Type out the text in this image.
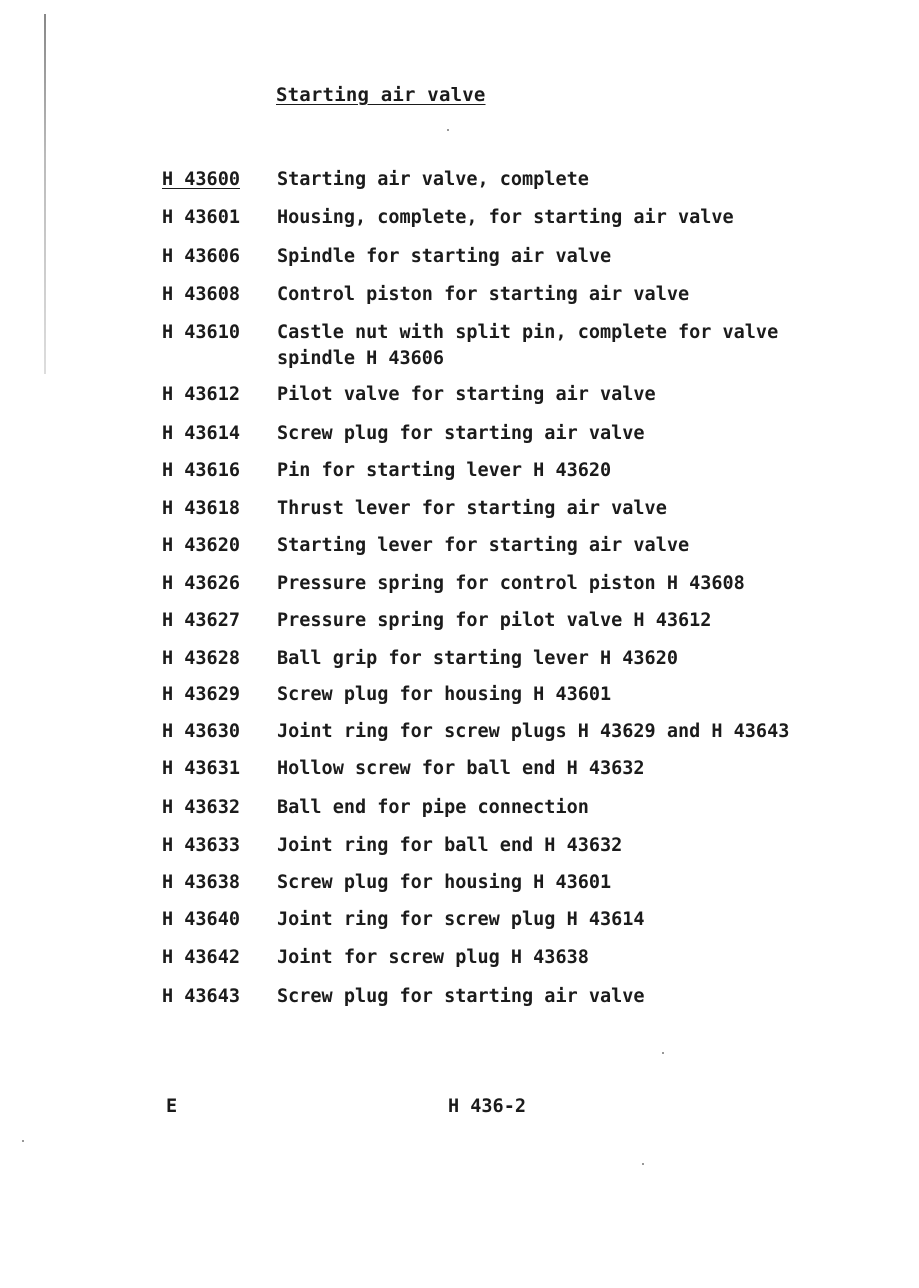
Starting air valve
H 43600	Starting air valve, complete
H 43601	Housing, complete, for starting air valve
H 43606	Spindle for starting air valve
H 43608	Control piston for starting air valve
H 43610	Castle nut with split pin, complete for valve
spindle H 43606
H 43612	Pilot valve for starting air valve
H 43614	Screw plug for starting air valve
H 43616	Pin for starting lever H 43620
H 43618	Thrust lever for starting air valve
H 43620	Starting lever for starting air valve
H 43626	Pressure spring for control piston H 43608
H 43627	Pressure spring for pilot valve H 43612
H 43628	Ball grip for starting lever H 43620
H 43629	Screw plug for housing H 43601
H 43630	Joint ring for screw plugs H 43629 and H 43643
H 43631	Hollow screw for ball end H 43632
H 43632	Ball end for pipe connection
H 43633	Joint ring for ball end H 43632
H 43638	Screw plug for housing H 43601
H 43640	Joint ring for screw plug H 43614
H 43642	Joint for screw plug H 43638
H 43643	Screw plug for starting air valve
E	H 436-2
